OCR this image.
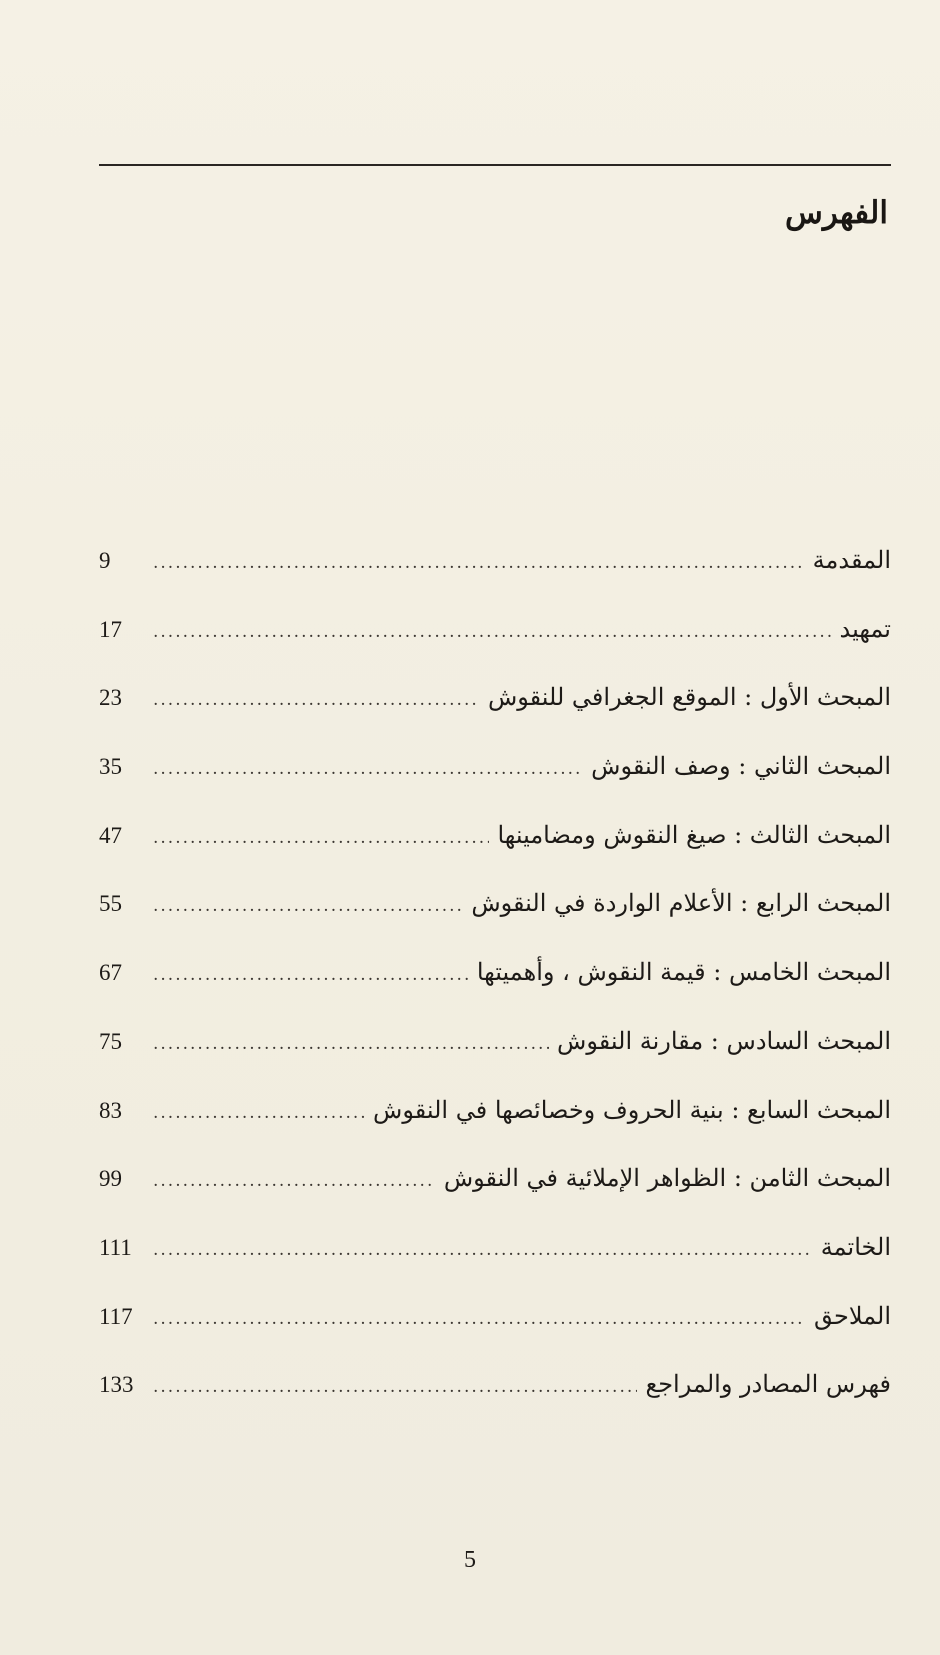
الفهرس
المقدمة
.....
9
تمهيد
.....
17
المبحث الأول : الموقع الجغرافي للنقوش
.....
23
المبحث الثاني : وصف النقوش
.....
35
المبحث الثالث : صيغ النقوش ومضامينها
.....
47
المبحث الرابع : الأعلام الواردة في النقوش
.....
55
المبحث الخامس : قيمة النقوش ، وأهميتها
.....
67
المبحث السادس : مقارنة النقوش
.....
75
المبحث السابع : بنية الحروف وخصائصها في النقوش
.....
83
المبحث الثامن : الظواهر الإملائية في النقوش
.....
99
الخاتمة
.....
111
الملاحق
.....
117
فهرس المصادر والمراجع
.....
133
5
